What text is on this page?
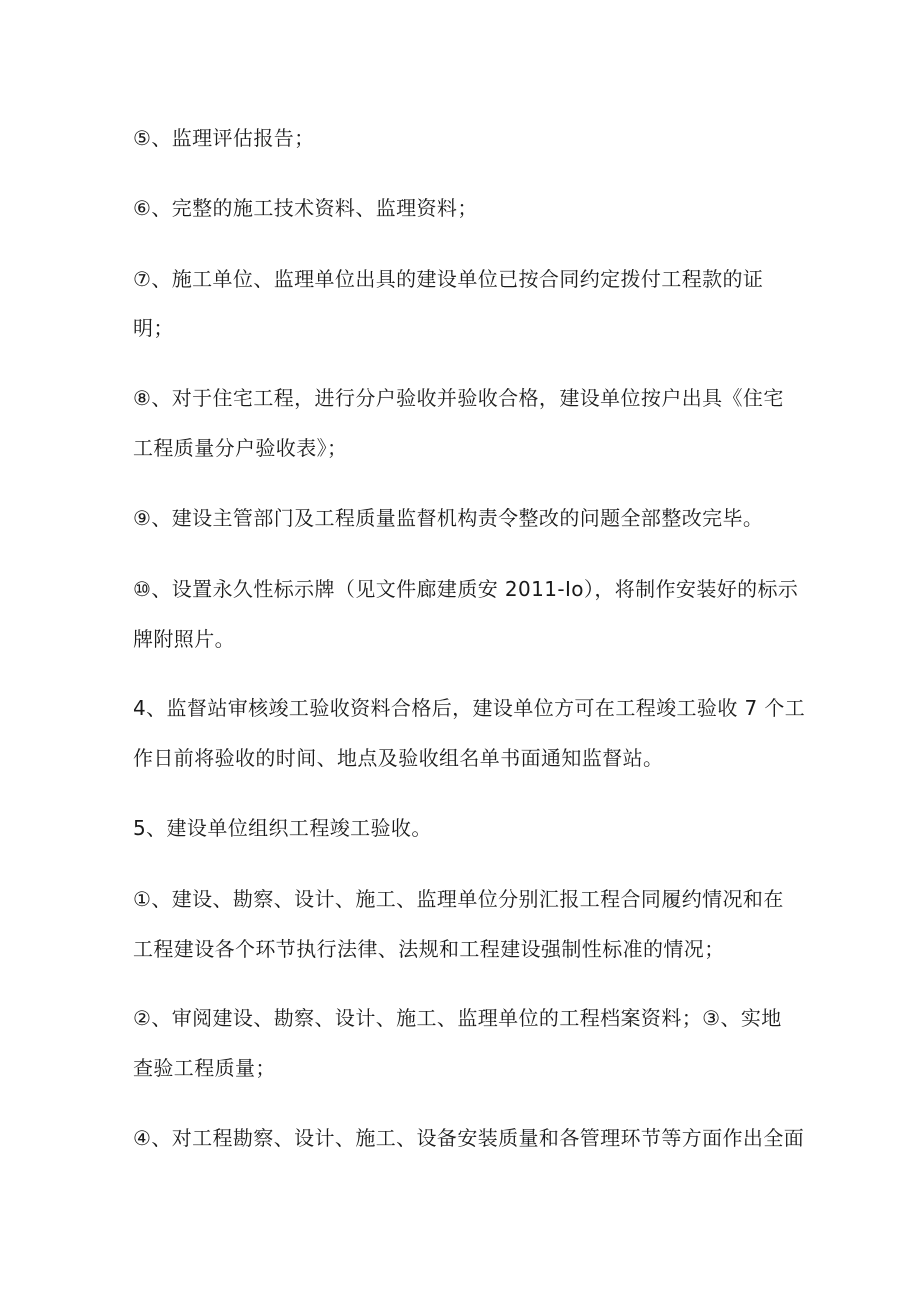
⑤、监理评估报告；
⑥、完整的施工技术资料、监理资料；
⑦、施工单位、监理单位出具的建设单位已按合同约定拨付工程款的证
明；
⑧、对于住宅工程，进行分户验收并验收合格，建设单位按户出具《住宅
工程质量分户验收表》；
⑨、建设主管部门及工程质量监督机构责令整改的问题全部整改完毕。
⑩、设置永久性标示牌（见文件廊建质安 2011-Io），将制作安装好的标示
牌附照片。
4、监督站审核竣工验收资料合格后，建设单位方可在工程竣工验收 7 个工
作日前将验收的时间、地点及验收组名单书面通知监督站。
5、建设单位组织工程竣工验收。
①、建设、勘察、设计、施工、监理单位分别汇报工程合同履约情况和在
工程建设各个环节执行法律、法规和工程建设强制性标准的情况；
②、审阅建设、勘察、设计、施工、监理单位的工程档案资料；③、实地
查验工程质量；
④、对工程勘察、设计、施工、设备安装质量和各管理环节等方面作出全面
